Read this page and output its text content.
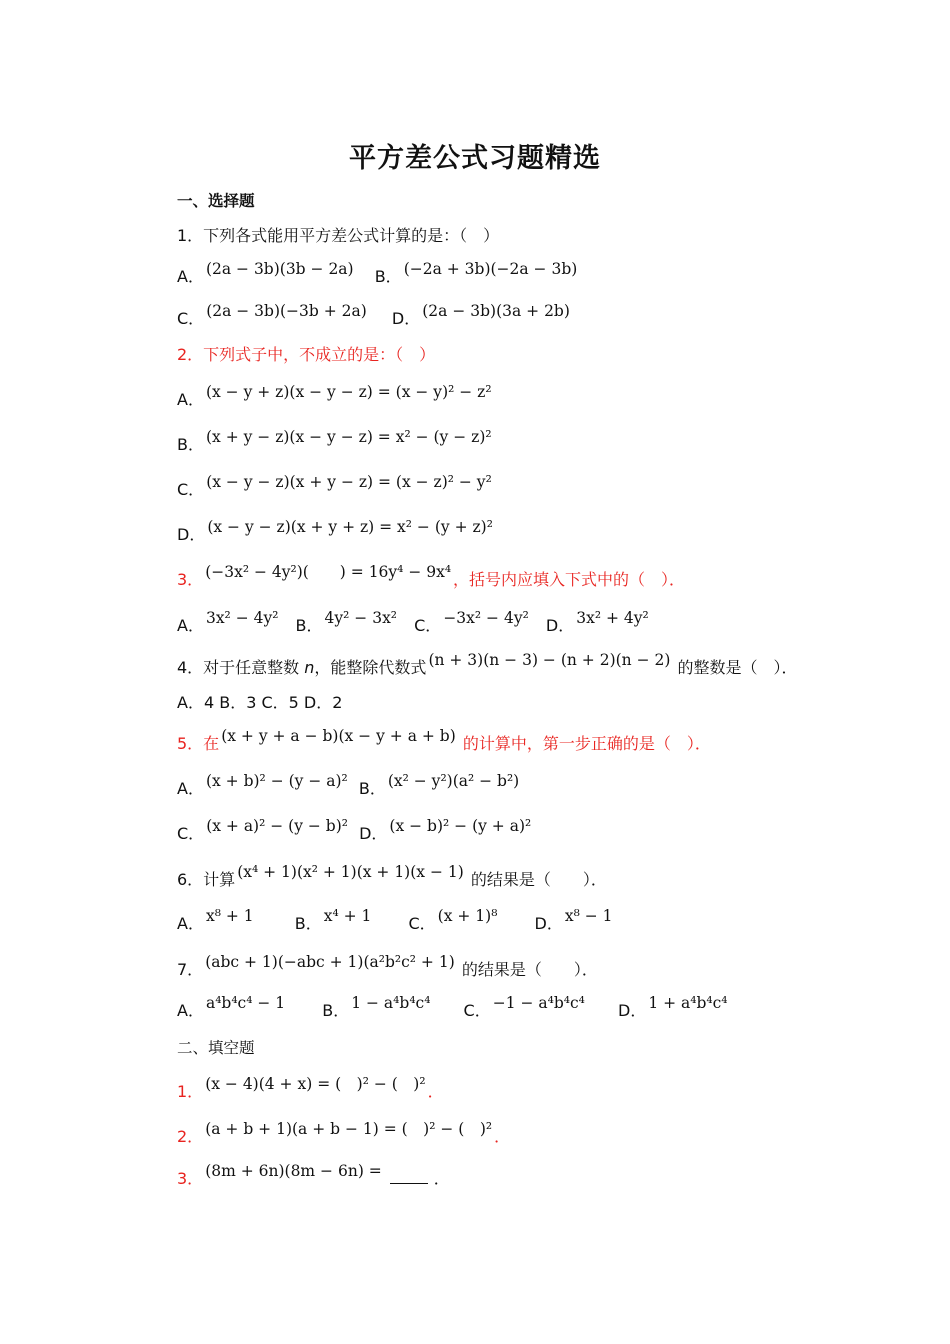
平方差公式习题精选
一、选择题
1．下列各式能用平方差公式计算的是：（　）
A． (2a − 3b)(3b − 2a) B． (−2a + 3b)(−2a − 3b)
C． (2a − 3b)(−3b + 2a) D． (2a − 3b)(3a + 2b)
2．下列式子中，不成立的是：（　）
A． (x − y + z)(x − y − z) = (x − y)² − z²
B． (x + y − z)(x − y − z) = x² − (y − z)²
C． (x − y − z)(x + y − z) = (x − z)² − y²
D． (x − y − z)(x + y + z) = x² − (y + z)²
3． (−3x² − 4y²)(　　) = 16y⁴ − 9x⁴ ，括号内应填入下式中的（　）．
A． 3x² − 4y² B． 4y² − 3x² C． −3x² − 4y² D． 3x² + 4y²
4．对于任意整数 n，能整除代数式 (n + 3)(n − 3) − (n + 2)(n − 2) 的整数是（　）．
A．4 B．3 C．5 D．2
5．在 (x + y + a − b)(x − y + a + b) 的计算中，第一步正确的是（　）．
A． (x + b)² − (y − a)² B． (x² − y²)(a² − b²)
C． (x + a)² − (y − b)² D． (x − b)² − (y + a)²
6．计算 (x⁴ + 1)(x² + 1)(x + 1)(x − 1) 的结果是（　　）．
A． x⁸ + 1	B． x⁴ + 1 C． (x + 1)⁸ D． x⁸ − 1
7． (abc + 1)(−abc + 1)(a²b²c² + 1) 的结果是（　　）．
A． a⁴b⁴c⁴ − 1 B． 1 − a⁴b⁴c⁴ C． −1 − a⁴b⁴c⁴ D． 1 + a⁴b⁴c⁴
二、填空题
1． (x − 4)(4 + x) = (　)² − (　)² ．
2． (a + b + 1)(a + b − 1) = (　)² − (　)² ．
3． (8m + 6n)(8m − 6n) =	．
